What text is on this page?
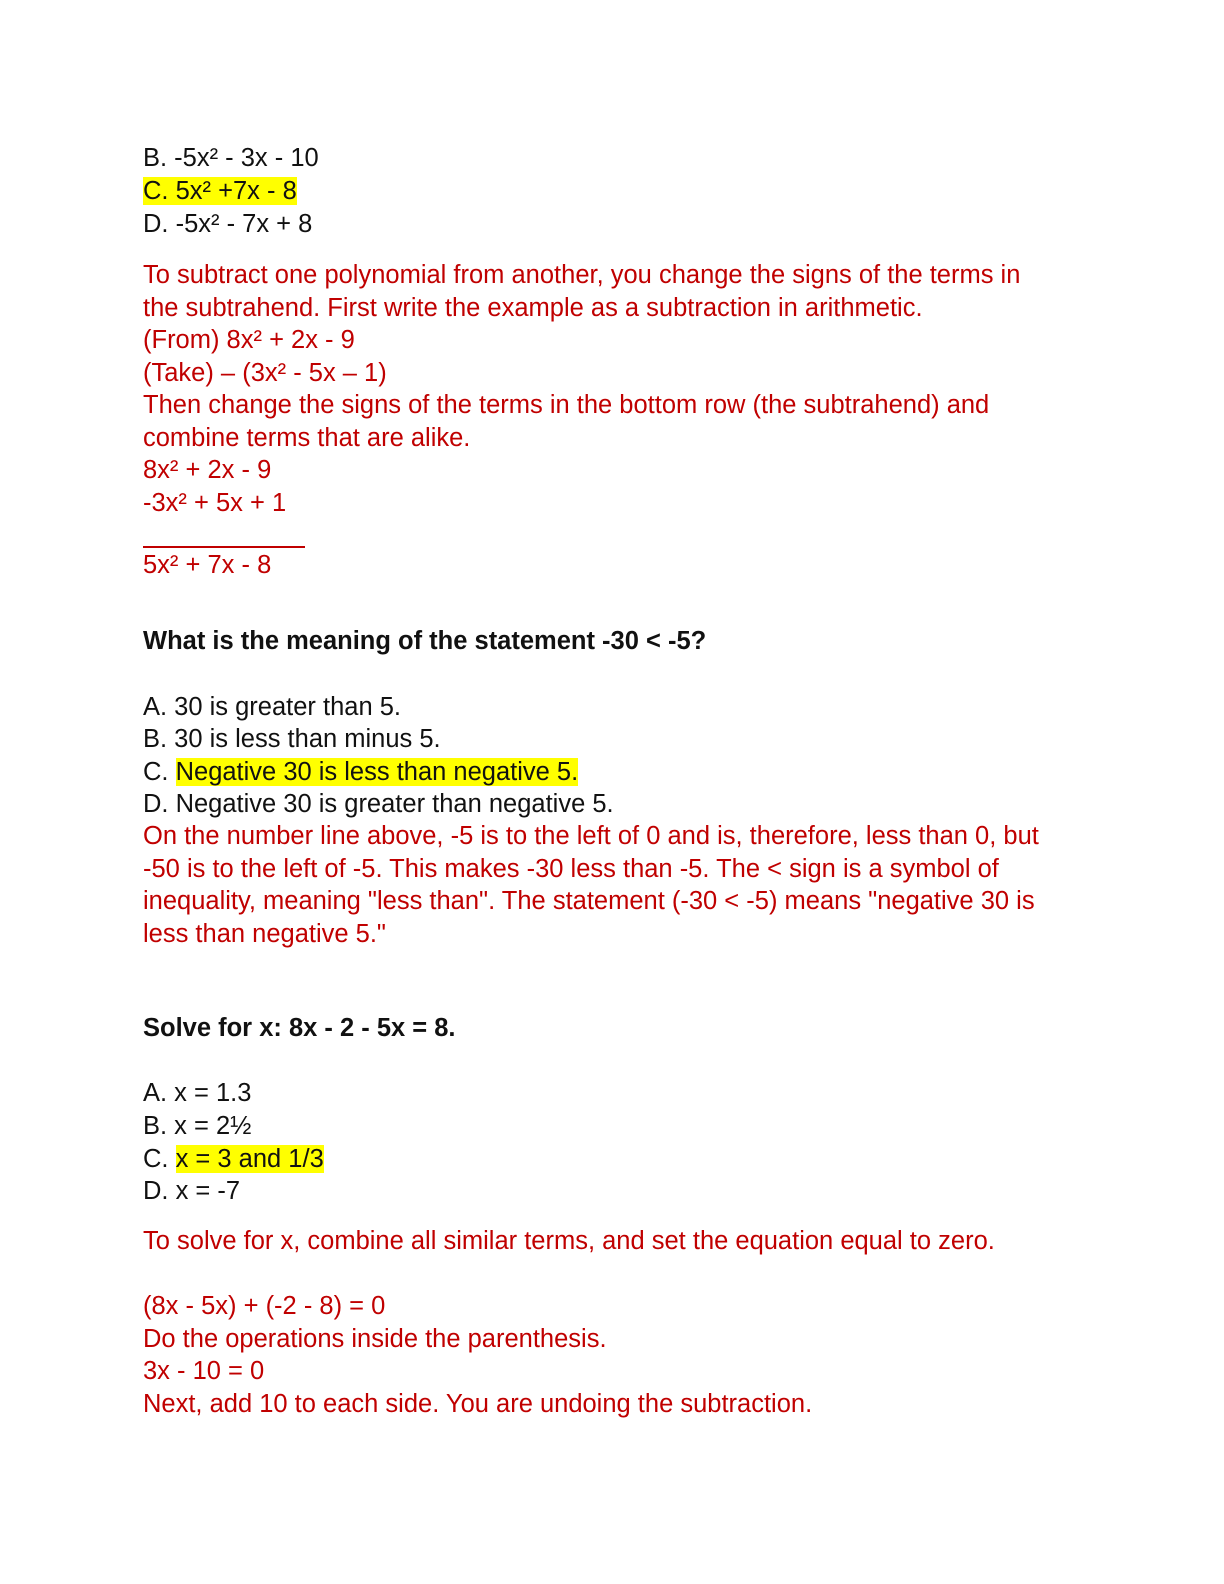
B. -5x² - 3x - 10
C. 5x² +7x - 8
D. -5x² - 7x + 8
To subtract one polynomial from another, you change the signs of the terms in
the subtrahend. First write the example as a subtraction in arithmetic.
(From) 8x² + 2x - 9
(Take) – (3x² - 5x – 1)
Then change the signs of the terms in the bottom row (the subtrahend) and
combine terms that are alike.
8x² + 2x - 9
-3x² + 5x + 1
5x² + 7x - 8
What is the meaning of the statement -30 < -5?
A. 30 is greater than 5.
B. 30 is less than minus 5.
C. Negative 30 is less than negative 5.
D. Negative 30 is greater than negative 5.
On the number line above, -5 is to the left of 0 and is, therefore, less than 0, but
-50 is to the left of -5. This makes -30 less than -5. The < sign is a symbol of
inequality, meaning "less than". The statement (-30 < -5) means "negative 30 is
less than negative 5."
Solve for x: 8x - 2 - 5x = 8.
A. x = 1.3
B. x = 2½
C. x = 3 and 1/3
D. x = -7
To solve for x, combine all similar terms, and set the equation equal to zero.
(8x - 5x) + (-2 - 8) = 0
Do the operations inside the parenthesis.
3x - 10 = 0
Next, add 10 to each side. You are undoing the subtraction.
